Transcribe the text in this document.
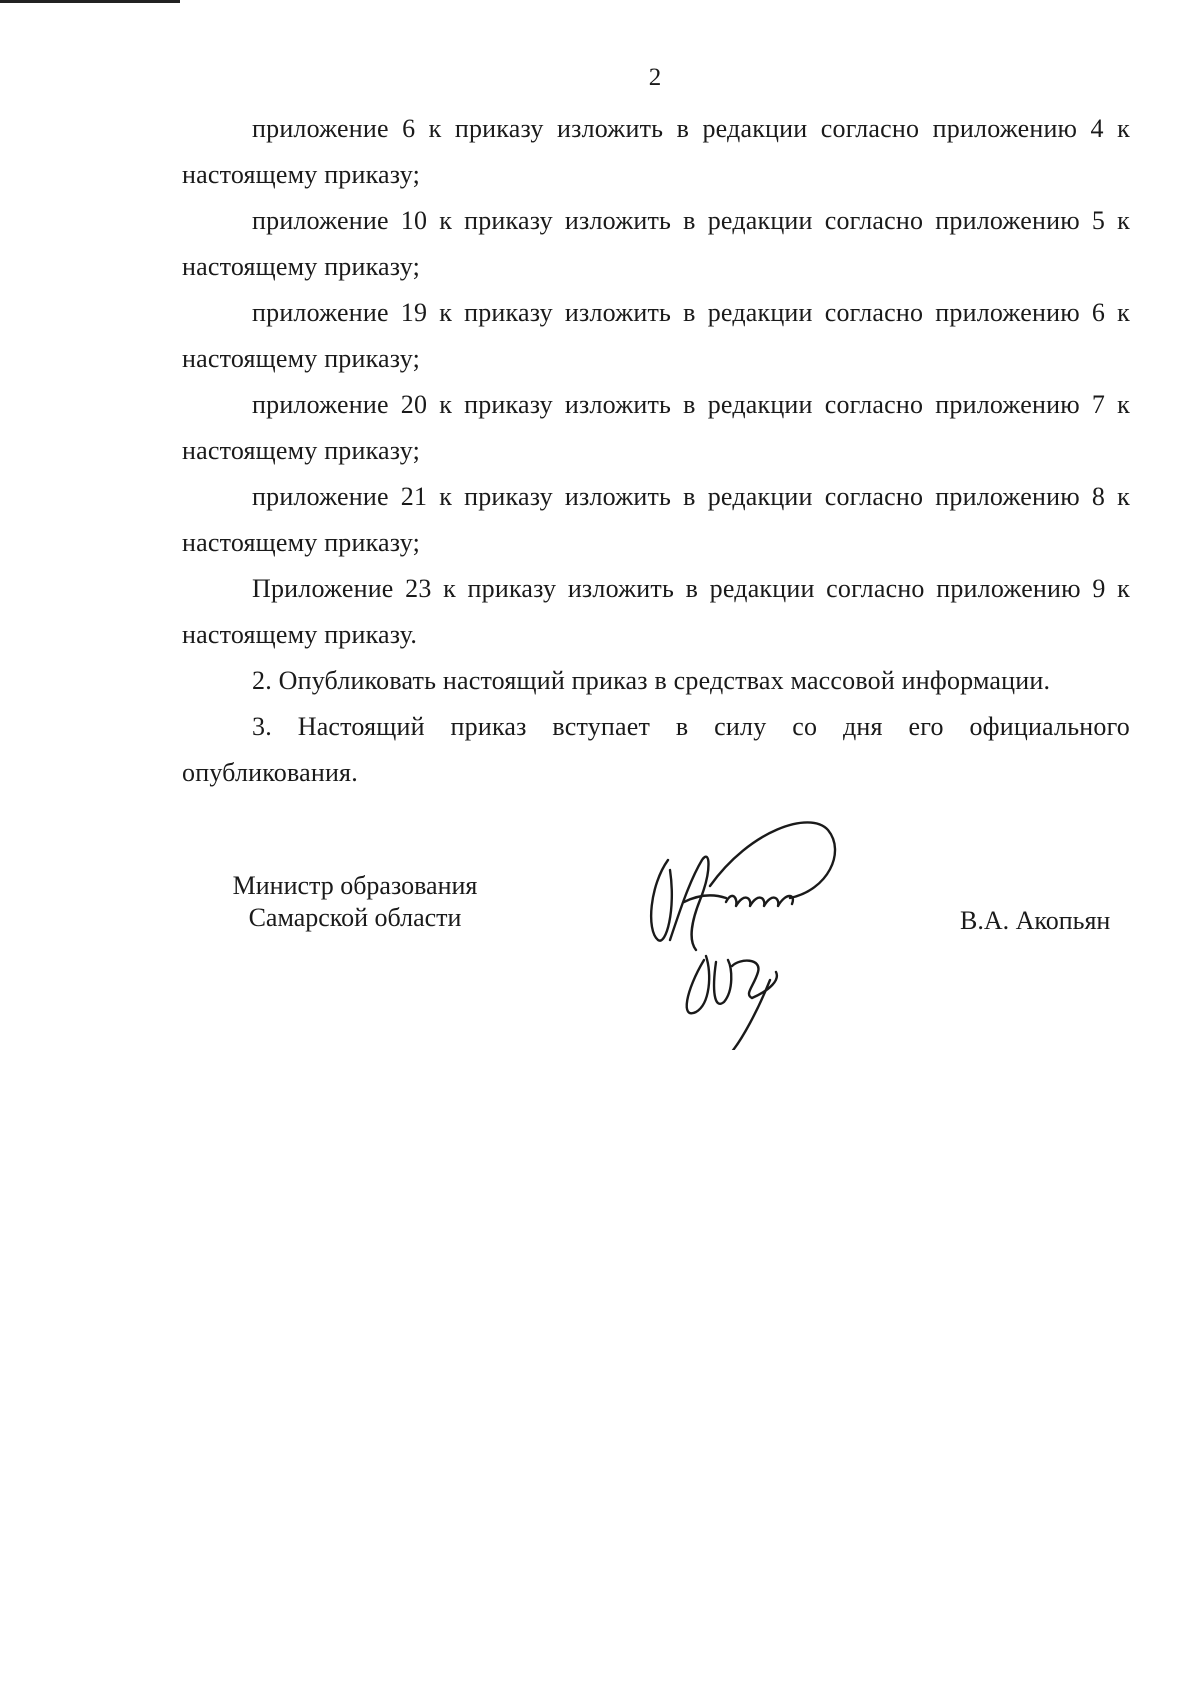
2

приложение 6 к приказу изложить в редакции согласно приложению 4 к настоящему приказу;

приложение 10 к приказу изложить в редакции согласно приложению 5 к настоящему приказу;

приложение 19 к приказу изложить в редакции согласно приложению 6 к настоящему приказу;

приложение 20 к приказу изложить в редакции согласно приложению 7 к настоящему приказу;

приложение 21 к приказу изложить в редакции согласно приложению 8 к настоящему приказу;

Приложение 23 к приказу изложить в редакции согласно приложению 9 к настоящему приказу.

2. Опубликовать настоящий приказ в средствах массовой информации.

3. Настоящий приказ вступает в силу со дня его официального опубликования.

Министр образования
Самарской области	В.А. Акопьян
